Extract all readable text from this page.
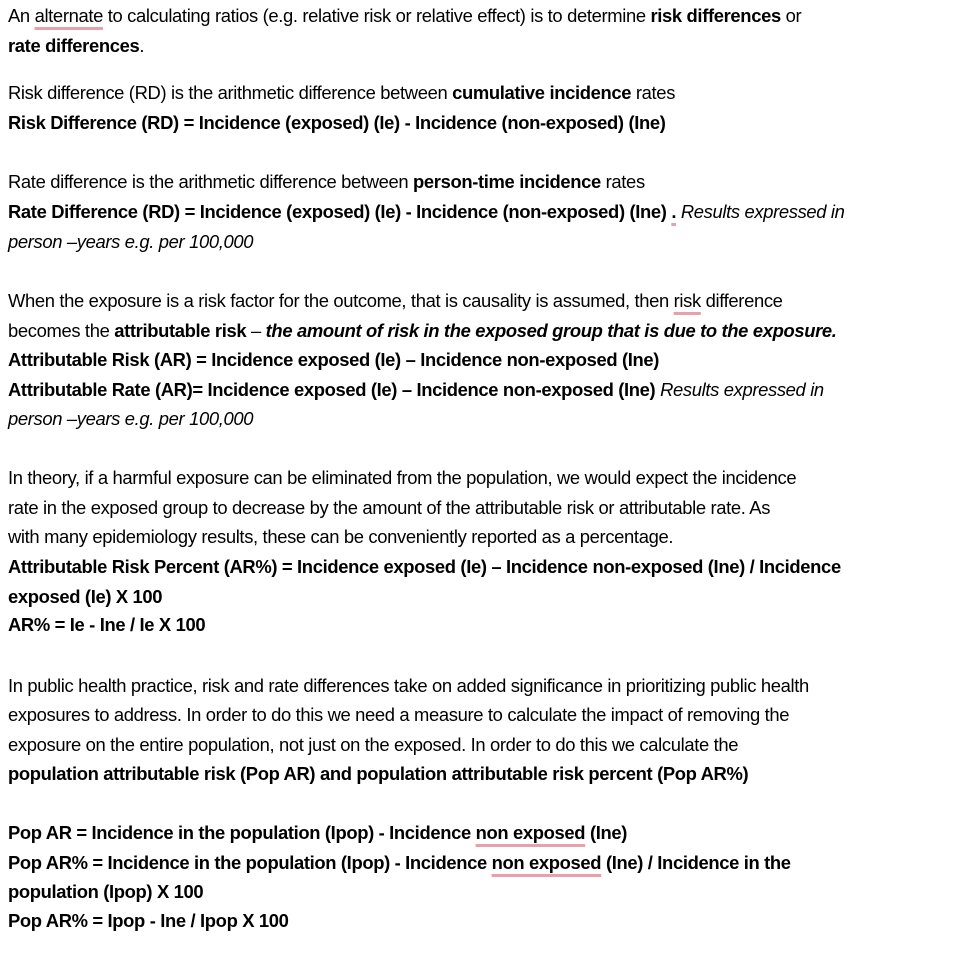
An alternate to calculating ratios (e.g. relative risk or relative effect) is to determine risk differences or
rate differences.
Risk difference (RD) is the arithmetic difference between cumulative incidence rates
Risk Difference (RD) = Incidence (exposed) (Ie) - Incidence (non-exposed) (Ine)
Rate difference is the arithmetic difference between person-time incidence rates
Rate Difference (RD) = Incidence (exposed) (Ie) - Incidence (non-exposed) (Ine) . Results expressed in
person –years e.g. per 100,000
When the exposure is a risk factor for the outcome, that is causality is assumed, then risk difference
becomes the attributable risk – the amount of risk in the exposed group that is due to the exposure.
Attributable Risk (AR) = Incidence exposed (Ie) – Incidence non-exposed (Ine)
Attributable Rate (AR)= Incidence exposed (Ie) – Incidence non-exposed (Ine) Results expressed in
person –years e.g. per 100,000
In theory, if a harmful exposure can be eliminated from the population, we would expect the incidence
rate in the exposed group to decrease by the amount of the attributable risk or attributable rate. As
with many epidemiology results, these can be conveniently reported as a percentage.
Attributable Risk Percent (AR%) = Incidence exposed (Ie) – Incidence non-exposed (Ine) / Incidence
exposed (Ie) X 100
AR% = Ie - Ine / Ie X 100
In public health practice, risk and rate differences take on added significance in prioritizing public health
exposures to address. In order to do this we need a measure to calculate the impact of removing the
exposure on the entire population, not just on the exposed. In order to do this we calculate the
population attributable risk (Pop AR) and population attributable risk percent (Pop AR%)
Pop AR = Incidence in the population (Ipop) - Incidence non exposed (Ine)
Pop AR% = Incidence in the population (Ipop) - Incidence non exposed (Ine) / Incidence in the
population (Ipop) X 100
Pop AR% = Ipop - Ine / Ipop X 100
